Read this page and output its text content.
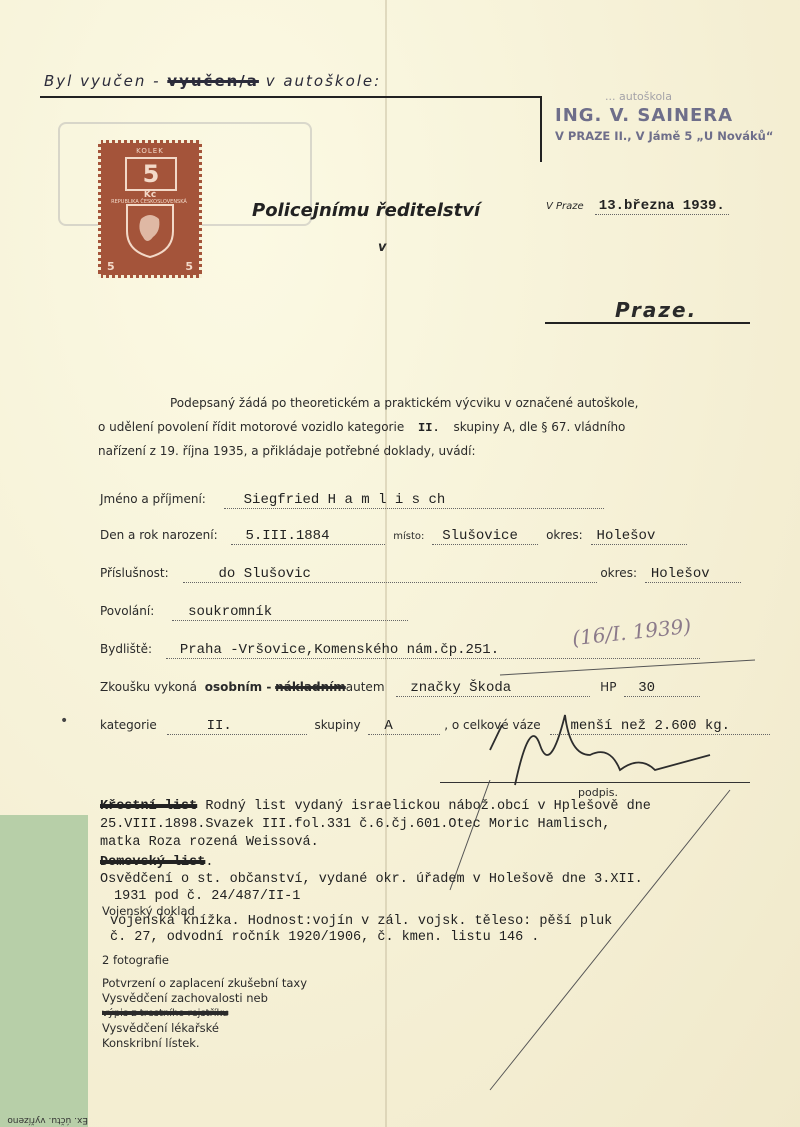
Byl vyučen - vyučen/a v autoškole:
... autoškola
ING. V. SAINERA
V PRAZE II., V Jámě 5 „U Nováků“
KOLEK
5
Kč
REPUBLIKA ČESKOSLOVENSKÁ
5	5
Policejnímu ředitelství
v
Praze.
V Praze 13.března 1939.
Podepsaný žádá po theoretickém a praktickém výcviku v označené autoškole,
o udělení povolení řídit motorové vozidlo kategorie II. skupiny A, dle § 67. vládního
nařízení z 19. října 1935, a přikládaje potřebné doklady, uvádí:
Jméno a příjmení:	Siegfried H a m l i s ch
Den a rok narození: 5.III.1884	místo: Slušovice okres: Holešov
Příslušnost:	do Slušovic	okres: Holešov
Povolání: soukromník
Bydliště: Praha -Vršovice,Komenského nám.čp.251.	(16/I. 1939)
Zkoušku vykoná osobním - nákladnímautem značky Škoda	HP 30
kategorie	II.	skupiny A	, o celkové váze menší než 2.600 kg.
podpis.
Křestní list Rodný list vydaný israelickou nábož.obcí v Hplešově dne
25.VIII.1898.Svazek III.fol.331 č.6.čj.601.Otec Moric Hamlisch,
matka Roza rozená Weissová.
Domovský list.
Osvědčení o st. občanství, vydané okr. úřadem v Holešově dne 3.XII.
1931 pod č. 24/487/II-1
Vojenský doklad
vojenská knížka. Hodnost:vojín v zál. vojsk. těleso: pěší pluk
č. 27, odvodní ročník 1920/1906, č. kmen. listu 146 .
2 fotografie
Potvrzení o zaplacení zkušební taxy
Vysvědčení zachovalosti neb
výpis z trestního rejstříku
Vysvědčení lékařské
Konskribní lístek.
Ex. účtu. vyřízeno
•
